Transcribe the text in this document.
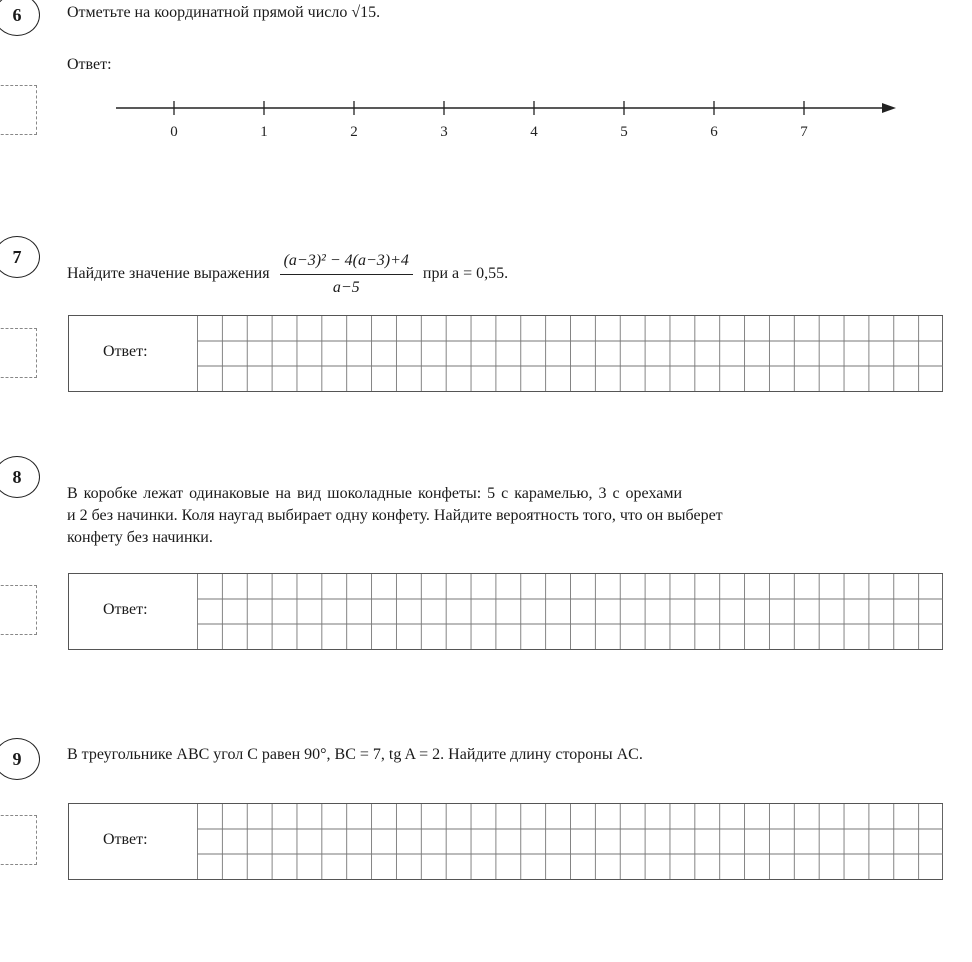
6	Отметьте на координатной прямой число √15.
Ответ:
0	1	2	3	4	5	6	7
7
Найдите значение выражения $\frac{\text{(a−3)² − 4(a−3)+4}}{a-5}$ при a = 0,55.
Ответ:
8
В коробке лежат одинаковые на вид шоколадные конфеты: 5 с карамелью, 3 с орехами
и 2 без начинки. Коля наугад выбирает одну конфету. Найдите вероятность того, что он выберет
конфету без начинки.
Ответ:
9	В треугольнике ABC угол C равен 90°, BC = 7, tg A = 2. Найдите длину стороны AC.
Ответ:
